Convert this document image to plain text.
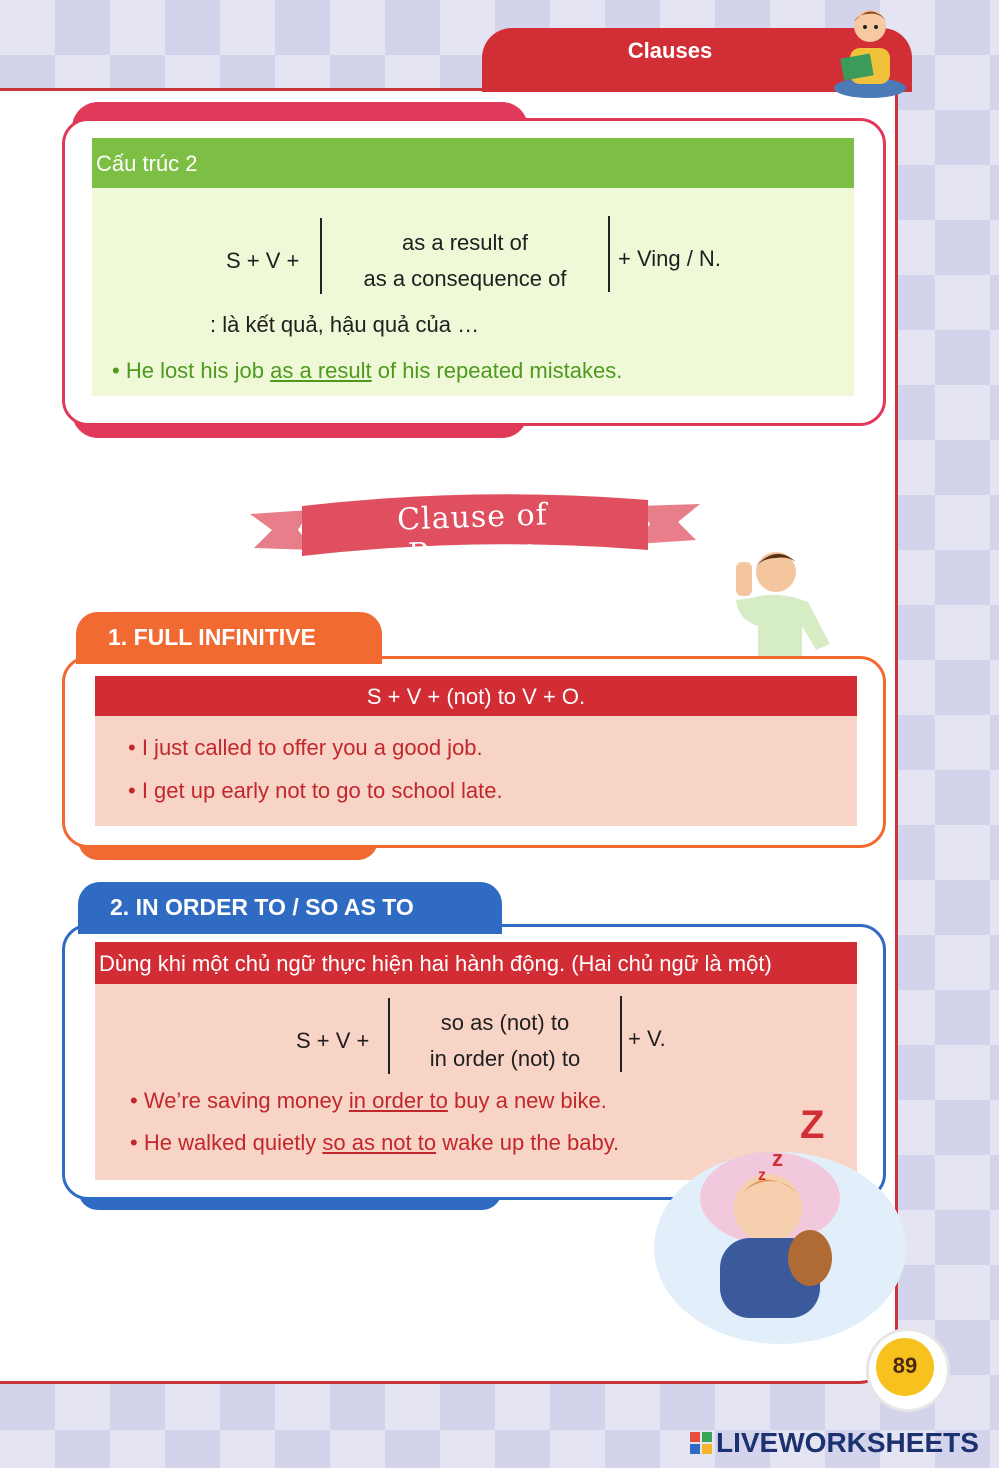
Clauses
Cấu trúc 2
S + V +
as a result of
as a consequence of
+ Ving / N.
: là kết quả, hậu quả của …
• He lost his job as a result of his repeated mistakes.
Clause of Purpose
1. FULL INFINITIVE
S + V + (not) to V + O.
• I just called to offer you a good job.
• I get up early not to go to school late.
2. IN ORDER TO / SO AS TO
Dùng khi một chủ ngữ thực hiện hai hành động. (Hai chủ ngữ là một)
S + V +
so as (not) to
in order (not) to
+ V.
• We’re saving money in order to buy a new bike.
• He walked quietly so as not to wake up the baby.	Z
z
z
89
LIVEWORKSHEETS
